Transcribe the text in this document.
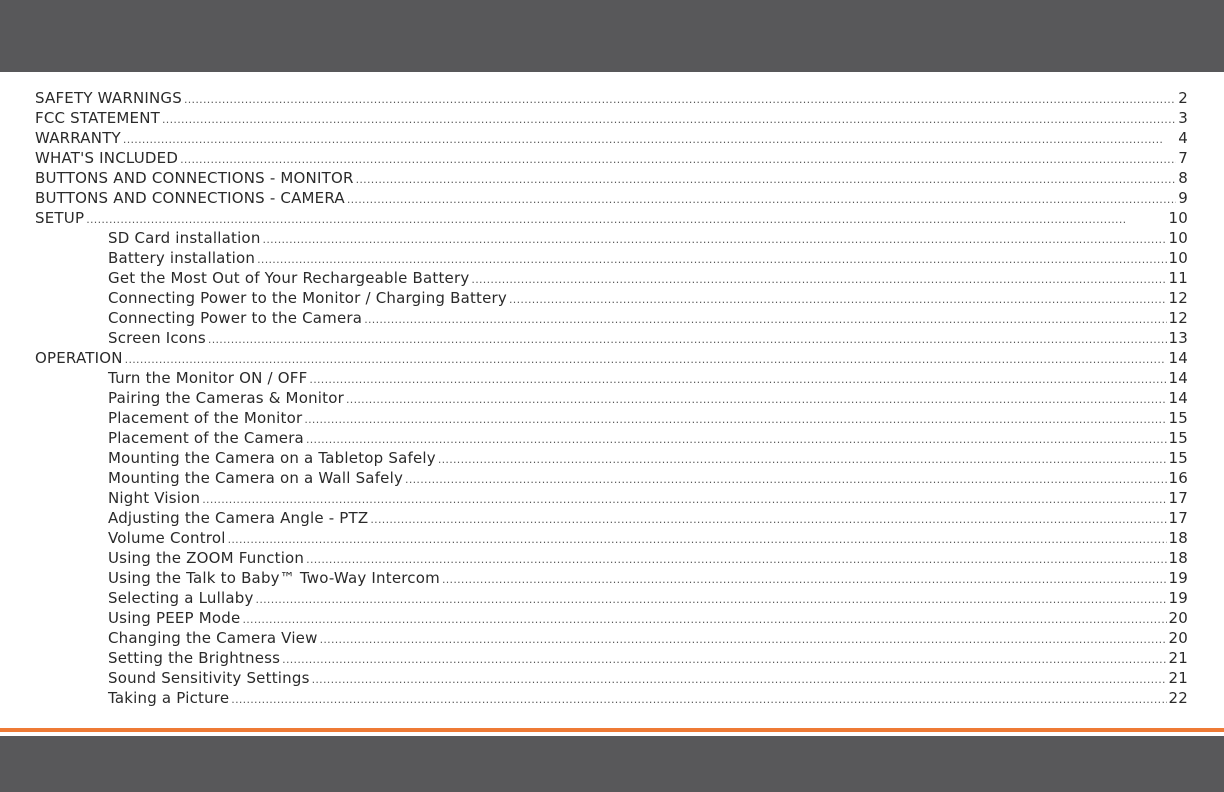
SAFETY WARNINGS .....	2
FCC STATEMENT .....	3
WARRANTY .....	4
WHAT'S INCLUDED .....	7
BUTTONS AND CONNECTIONS - MONITOR .....	8
BUTTONS AND CONNECTIONS - CAMERA .....	9
SETUP .....	10
SD Card installation .....	10
Battery installation .....	10
Get the Most Out of Your Rechargeable Battery .....	11
Connecting Power to the Monitor / Charging Battery .....	12
Connecting Power to the Camera .....	12
Screen Icons .....	13
OPERATION .....	14
Turn the Monitor ON / OFF .....	14
Pairing the Cameras & Monitor .....	14
Placement of the Monitor .....	15
Placement of the Camera .....	15
Mounting the Camera on a Tabletop Safely .....	15
Mounting the Camera on a Wall Safely .....	16
Night Vision .....	17
Adjusting the Camera Angle - PTZ .....	17
Volume Control .....	18
Using the ZOOM Function .....	18
Using the Talk to Baby™ Two-Way Intercom .....	19
Selecting a Lullaby .....	19
Using PEEP Mode .....	20
Changing the Camera View .....	20
Setting the Brightness .....	21
Sound Sensitivity Settings .....	21
Taking a Picture .....	22
